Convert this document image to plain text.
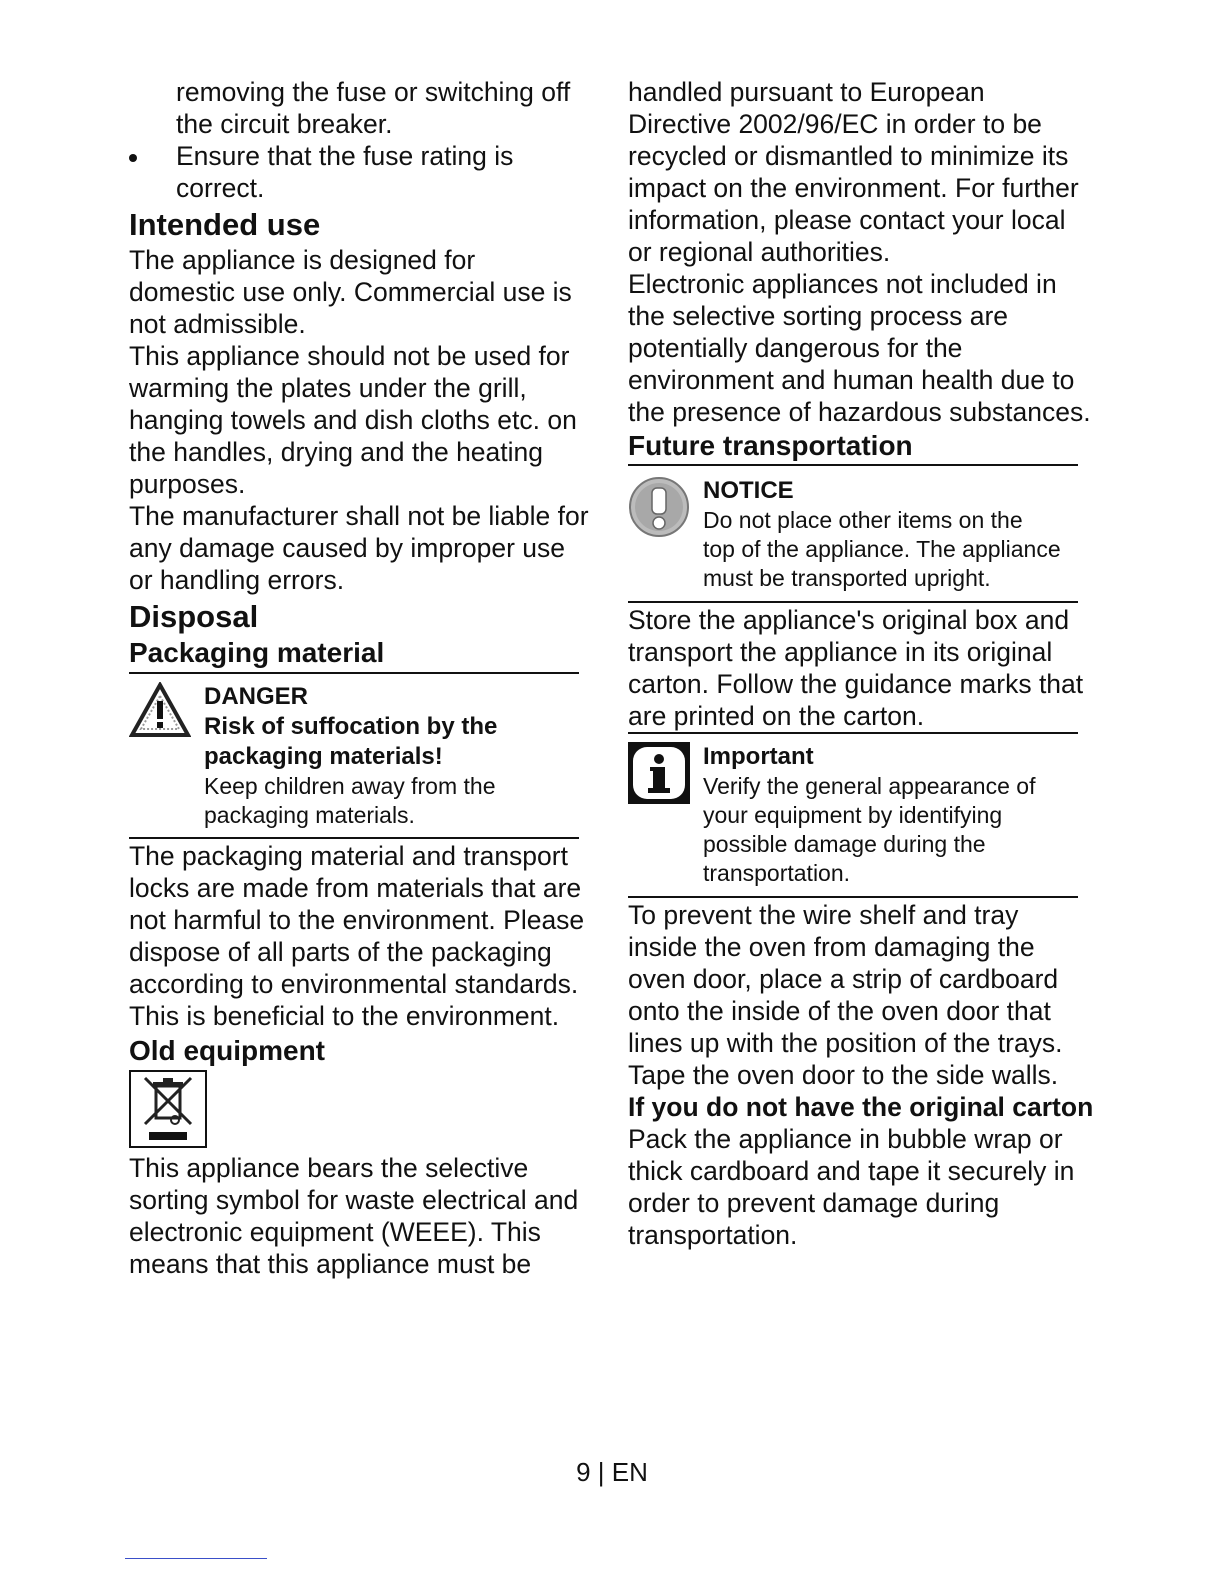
removing the fuse or switching off
the circuit breaker.
Ensure that the fuse rating is
correct.
Intended use
The appliance is designed for
domestic use only. Commercial use is
not admissible.
This appliance should not be used for
warming the plates under the grill,
hanging towels and dish cloths etc. on
the handles, drying and the heating
purposes.
The manufacturer shall not be liable for
any damage caused by improper use
or handling errors.
Disposal
Packaging material
DANGER
Risk of suffocation by the
packaging materials!
Keep children away from the
packaging materials.
The packaging material and transport
locks are made from materials that are
not harmful to the environment. Please
dispose of all parts of the packaging
according to environmental standards.
This is beneficial to the environment.
Old equipment
This appliance bears the selective
sorting symbol for waste electrical and
electronic equipment (WEEE). This
means that this appliance must be
handled pursuant to European
Directive 2002/96/EC in order to be
recycled or dismantled to minimize its
impact on the environment. For further
information, please contact your local
or regional authorities.
Electronic appliances not included in
the selective sorting process are
potentially dangerous for the
environment and human health due to
the presence of hazardous substances.
Future transportation
NOTICE
Do not place other items on the
top of the appliance. The appliance
must be transported upright.
Store the appliance's original box and
transport the appliance in its original
carton. Follow the guidance marks that
are printed on the carton.
Important
Verify the general appearance of
your equipment by identifying
possible damage during the
transportation.
To prevent the wire shelf and tray
inside the oven from damaging the
oven door, place a strip of cardboard
onto the inside of the oven door that
lines up with the position of the trays.
Tape the oven door to the side walls.
If you do not have the original carton
Pack the appliance in bubble wrap or
thick cardboard and tape it securely in
order to prevent damage during
transportation.
9 | EN
